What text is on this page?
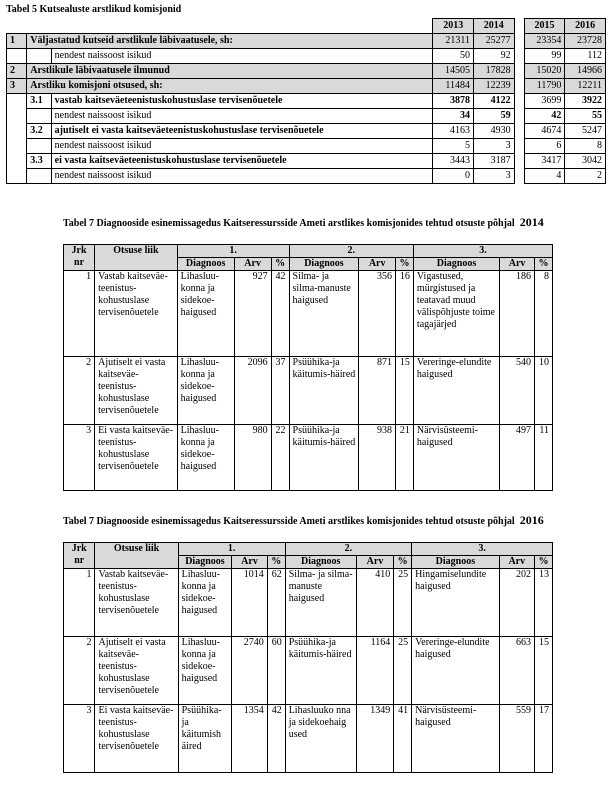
Tabel 5 Kutsealuste arstlikud komisjonid
			2013	2014		2015	2016
1	Väljastatud kutseid arstlikule läbivaatusele, sh:		21311	25277		23354	23728
		nendest naissoost isikud	50	92		99	112
2	Arstlikule läbivaatusele ilmunud		14505	17828		15020	14966
3	Arstliku komisjoni otsused, sh:		11484	12239		11790	12211
	3.1	vastab kaitseväeteenistuskohustuslase tervisenõuetele	3878	4122		3699	3922
		nendest naissoost isikud	34	59		42	55
	3.2	ajutiselt ei vasta kaitseväeteenistuskohustuslase tervisenõuetele	4163	4930		4674	5247
		nendest naissoost isikud	5	3		6	8
	3.3	ei vasta kaitseväeteenistuskohustuslase tervisenõuetele	3443	3187		3417	3042
		nendest naissoost isikud	0	3		4	2
Tabel 7 Diagnooside esinemissagedus Kaitseressursside Ameti arstlikes komisjonides tehtud otsuste põhjal 2014
Jrk nr	Otsuse liik	1.			2.			3.		
		Diagnoos	Arv	%	Diagnoos	Arv	%	Diagnoos	Arv	%
1	Vastab kaitseväe-teenistus-kohustuslase tervisenõuetele	Lihasluu-konna ja sidekoe-haigused	927	42	Silma- ja silma-manuste haigused	356	16	Vigastused, mürgistused ja teatavad muud välispõhjuste toime tagajärjed	186	8
2	Ajutiselt ei vasta kaitseväe-teenistus-kohustuslase tervisenõuetele	Lihasluu-konna ja sidekoe-haigused	2096	37	Psüühika-ja käitumis-häired	871	15	Vereringe-elundite haigused	540	10
3	Ei vasta kaitseväe-teenistus-kohustuslase tervisenõuetele	Lihasluu-konna ja sidekoe-haigused	980	22	Psüühika-ja käitumis-häired	938	21	Närvisüsteemi-haigused	497	11
Tabel 7 Diagnooside esinemissagedus Kaitseressursside Ameti arstlikes komisjonides tehtud otsuste põhjal 2016
Jrk nr	Otsuse liik	1.			2.			3.		
		Diagnoos	Arv	%	Diagnoos	Arv	%	Diagnoos	Arv	%
1	Vastab kaitseväe-teenistus-kohustuslase tervisenõuetele	Lihasluu-konna ja sidekoe-haigused	1014	62	Silma- ja silma-manuste haigused	410	25	Hingamiselundite haigused	202	13
2	Ajutiselt ei vasta kaitseväe-teenistus-kohustuslase tervisenõuetele	Lihasluu-konna ja sidekoe-haigused	2740	60	Psüühika-ja käitumis-häired	1164	25	Vereringe-elundite haigused	663	15
3	Ei vasta kaitseväe-teenistus-kohustuslase tervisenõuetele	Psüühika-ja käitumish äired	1354	42	Lihasluuko nna ja sidekoehaig used	1349	41	Närvisüsteemi-haigused	559	17
